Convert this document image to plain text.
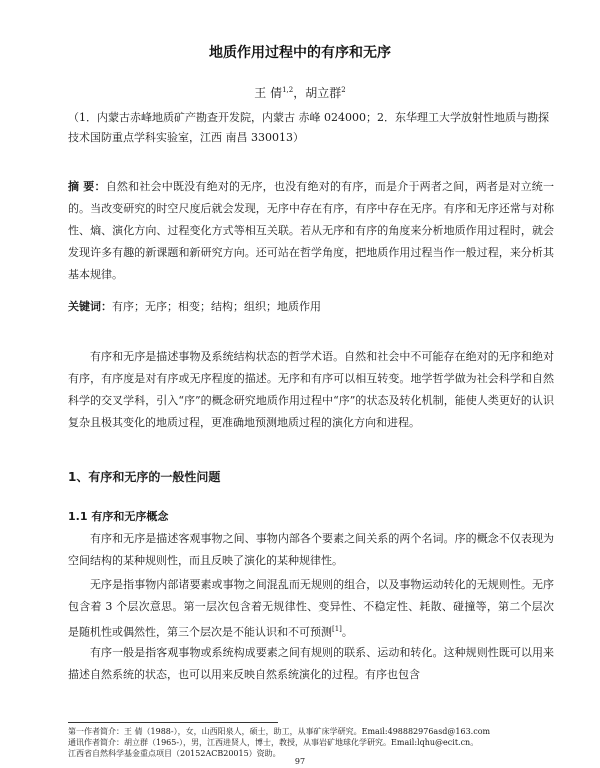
地质作用过程中的有序和无序
王 倩$^{1,2}$，胡立群$^2$
（1．内蒙古赤峰地质矿产勘查开发院，内蒙古 赤峰 024000；2．东华理工大学放射性地质与勘探技术国防重点学科实验室，江西 南昌 330013）
摘 要：自然和社会中既没有绝对的无序，也没有绝对的有序，而是介于两者之间，两者是对立统一的。当改变研究的时空尺度后就会发现，无序中存在有序，有序中存在无序。有序和无序还常与对称性、熵、演化方向、过程变化方式等相互关联。若从无序和有序的角度来分析地质作用过程时，就会发现许多有趣的新课题和新研究方向。还可站在哲学角度，把地质作用过程当作一般过程，来分析其基本规律。
关键词：有序；无序；相变；结构；组织；地质作用
有序和无序是描述事物及系统结构状态的哲学术语。自然和社会中不可能存在绝对的无序和绝对有序，有序度是对有序或无序程度的描述。无序和有序可以相互转变。地学哲学做为社会科学和自然科学的交叉学科，引入“序”的概念研究地质作用过程中“序”的状态及转化机制，能使人类更好的认识复杂且极其变化的地质过程，更准确地预测地质过程的演化方向和进程。
1、有序和无序的一般性问题
1.1 有序和无序概念
有序和无序是描述客观事物之间、事物内部各个要素之间关系的两个名词。序的概念不仅表现为空间结构的某种规则性，而且反映了演化的某种规律性。
无序是指事物内部诸要素或事物之间混乱而无规则的组合，以及事物运动转化的无规则性。无序包含着 3 个层次意思。第一层次包含着无规律性、变异性、不稳定性、耗散、碰撞等，第二个层次是随机性或偶然性，第三个层次是不能认识和不可预测[1]。
有序一般是指客观事物或系统构成要素之间有规则的联系、运动和转化。这种规则性既可以用来描述自然系统的状态，也可以用来反映自然系统演化的过程。有序也包含
第一作者简介：王 倩（1988-），女，山西阳泉人，硕士，助工，从事矿床学研究。Email:498882976asd@163.com
通讯作者简介：胡立群（1965-），男，江西进贤人，博士，教授，从事岩矿地球化学研究。Email:lqhu@ecit.cn。
江西省自然科学基金重点项目（20152ACB20015）资助。
97
